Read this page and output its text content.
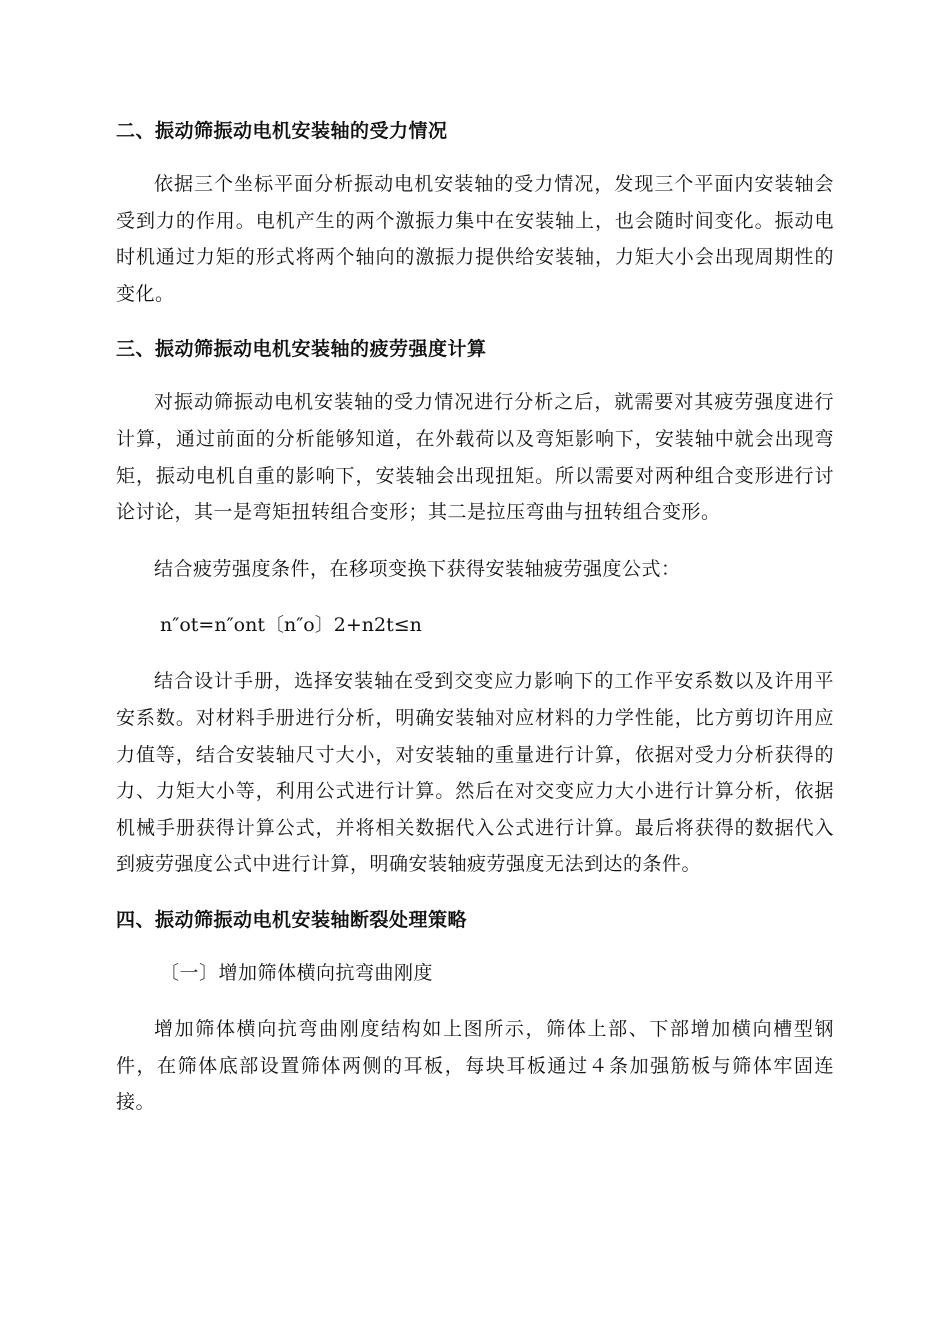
二、振动筛振动电机安装轴的受力情况

依据三个坐标平面分析振动电机安装轴的受力情况，发现三个平面内安装轴会受到力的作用。电机产生的两个激振力集中在安装轴上，也会随时间变化。振动电时机通过力矩的形式将两个轴向的激振力提供给安装轴，力矩大小会出现周期性的变化。

三、振动筛振动电机安装轴的疲劳强度计算

对振动筛振动电机安装轴的受力情况进行分析之后，就需要对其疲劳强度进行计算，通过前面的分析能够知道，在外载荷以及弯矩影响下，安装轴中就会出现弯矩，振动电机自重的影响下，安装轴会出现扭矩。所以需要对两种组合变形进行讨论讨论，其一是弯矩扭转组合变形；其二是拉压弯曲与扭转组合变形。

结合疲劳强度条件，在移项变换下获得安装轴疲劳强度公式：

n″ot=n″ont〔n″o〕2+n2t≤n

结合设计手册，选择安装轴在受到交变应力影响下的工作平安系数以及许用平安系数。对材料手册进行分析，明确安装轴对应材料的力学性能，比方剪切许用应力值等，结合安装轴尺寸大小，对安装轴的重量进行计算，依据对受力分析获得的力、力矩大小等，利用公式进行计算。然后在对交变应力大小进行计算分析，依据机械手册获得计算公式，并将相关数据代入公式进行计算。最后将获得的数据代入到疲劳强度公式中进行计算，明确安装轴疲劳强度无法到达的条件。

四、振动筛振动电机安装轴断裂处理策略

〔一〕增加筛体横向抗弯曲刚度

增加筛体横向抗弯曲刚度结构如上图所示，筛体上部、下部增加横向槽型钢件，在筛体底部设置筛体两侧的耳板，每块耳板通过４条加强筋板与筛体牢固连接。
